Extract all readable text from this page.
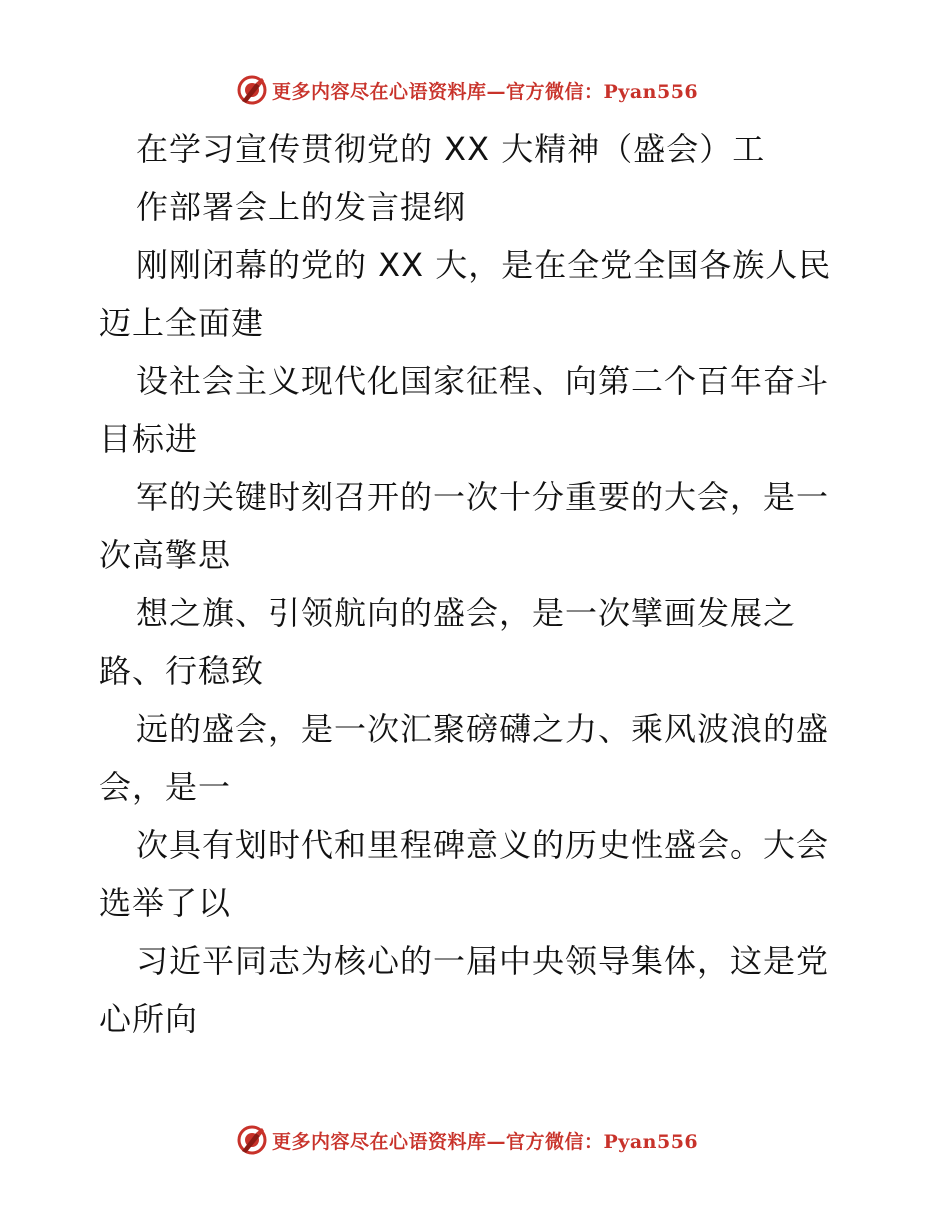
更多内容尽在心语资料库—官方微信：Pyan556
在学习宣传贯彻党的 XX 大精神（盛会）工
作部署会上的发言提纲
刚刚闭幕的党的 XX 大，是在全党全国各族人民
迈上全面建
设社会主义现代化国家征程、向第二个百年奋斗
目标进
军的关键时刻召开的一次十分重要的大会，是一
次高擎思
想之旗、引领航向的盛会，是一次擘画发展之
路、行稳致
远的盛会，是一次汇聚磅礴之力、乘风波浪的盛
会，是一
次具有划时代和里程碑意义的历史性盛会。大会
选举了以
习近平同志为核心的一届中央领导集体，这是党
心所向
更多内容尽在心语资料库—官方微信：Pyan556
